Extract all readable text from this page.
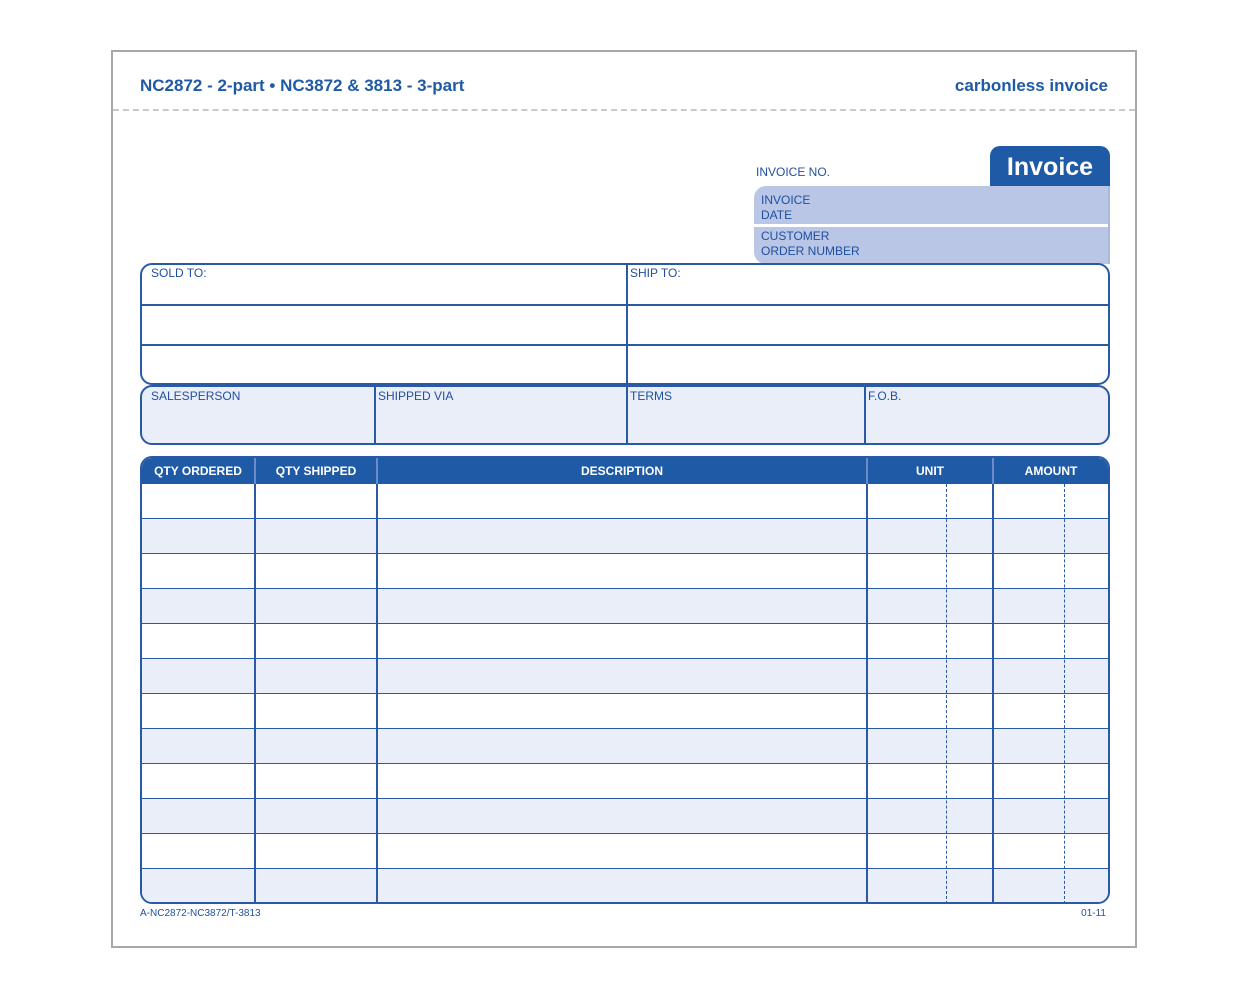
NC2872 - 2-part • NC3872 & 3813 - 3-part	carbonless invoice
INVOICE NO.	Invoice
INVOICE
DATE
CUSTOMER
ORDER NUMBER
SOLD TO:	SHIP TO:
SALESPERSON	SHIPPED VIA	TERMS	F.O.B.
QTY ORDERED	QTY SHIPPED	DESCRIPTION	UNIT	AMOUNT
A-NC2872-NC3872/T-3813	01-11
